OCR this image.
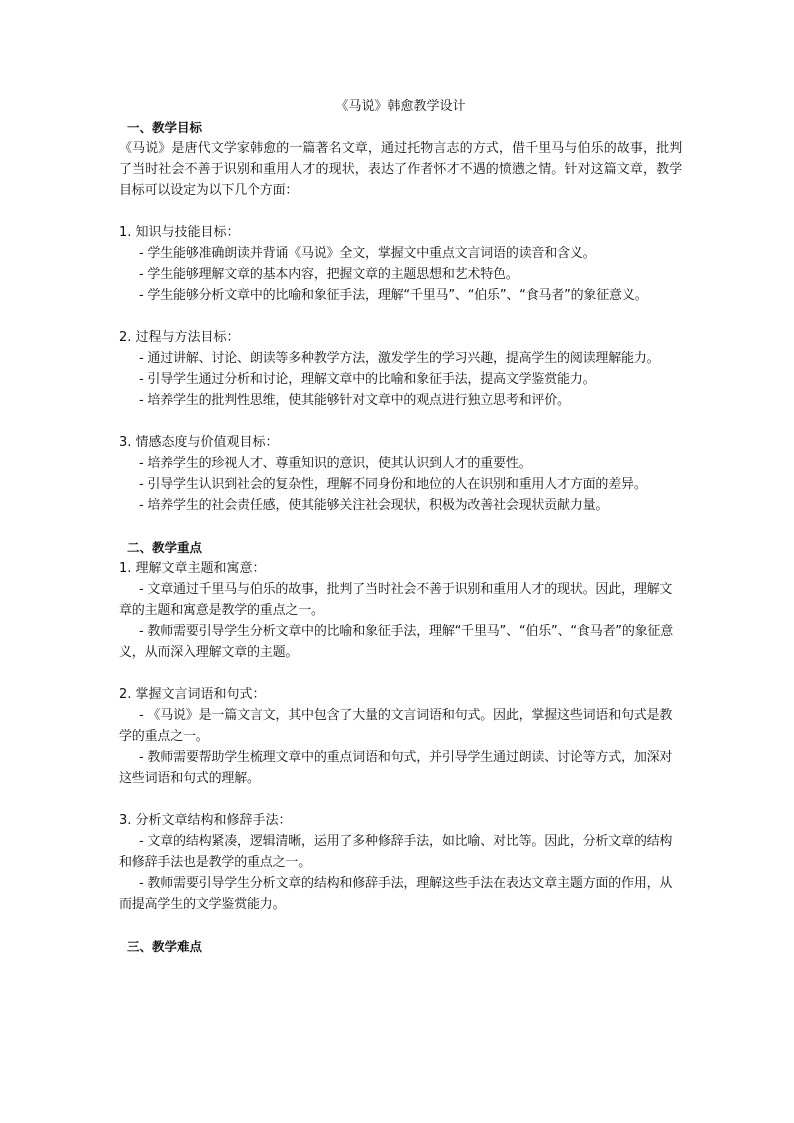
《马说》韩愈教学设计

一、教学目标

《马说》是唐代文学家韩愈的一篇著名文章，通过托物言志的方式，借千里马与伯乐的故事，批判了当时社会不善于识别和重用人才的现状，表达了作者怀才不遇的愤懑之情。针对这篇文章，教学目标可以设定为以下几个方面：

1. 知识与技能目标：

- 学生能够准确朗读并背诵《马说》全文，掌握文中重点文言词语的读音和含义。

- 学生能够理解文章的基本内容，把握文章的主题思想和艺术特色。

- 学生能够分析文章中的比喻和象征手法，理解“千里马”、“伯乐”、“食马者”的象征意义。

2. 过程与方法目标：

- 通过讲解、讨论、朗读等多种教学方法，激发学生的学习兴趣，提高学生的阅读理解能力。

- 引导学生通过分析和讨论，理解文章中的比喻和象征手法，提高文学鉴赏能力。

- 培养学生的批判性思维，使其能够针对文章中的观点进行独立思考和评价。

3. 情感态度与价值观目标：

- 培养学生的珍视人才、尊重知识的意识，使其认识到人才的重要性。

- 引导学生认识到社会的复杂性，理解不同身份和地位的人在识别和重用人才方面的差异。

- 培养学生的社会责任感，使其能够关注社会现状，积极为改善社会现状贡献力量。

二、教学重点

1. 理解文章主题和寓意：

- 文章通过千里马与伯乐的故事，批判了当时社会不善于识别和重用人才的现状。因此，理解文章的主题和寓意是教学的重点之一。

- 教师需要引导学生分析文章中的比喻和象征手法，理解“千里马”、“伯乐”、“食马者”的象征意义，从而深入理解文章的主题。

2. 掌握文言词语和句式：

- 《马说》是一篇文言文，其中包含了大量的文言词语和句式。因此，掌握这些词语和句式是教学的重点之一。

- 教师需要帮助学生梳理文章中的重点词语和句式，并引导学生通过朗读、讨论等方式，加深对这些词语和句式的理解。

3. 分析文章结构和修辞手法：

- 文章的结构紧凑，逻辑清晰，运用了多种修辞手法，如比喻、对比等。因此，分析文章的结构和修辞手法也是教学的重点之一。

- 教师需要引导学生分析文章的结构和修辞手法，理解这些手法在表达文章主题方面的作用，从而提高学生的文学鉴赏能力。

三、教学难点
